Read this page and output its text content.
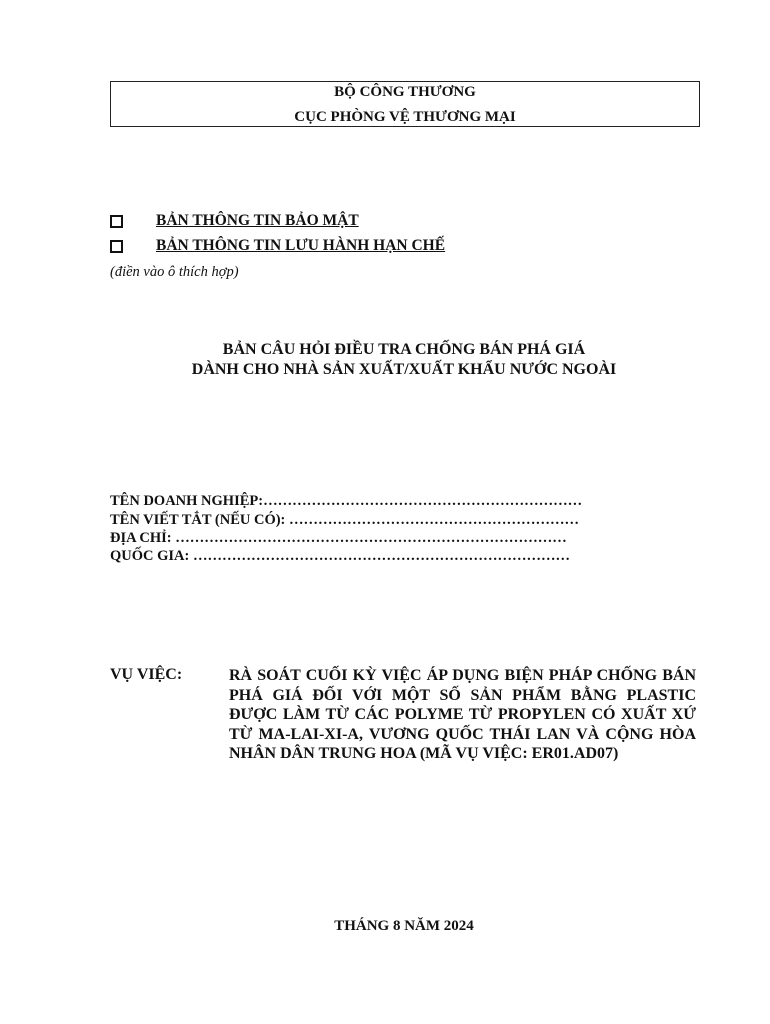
BỘ CÔNG THƯƠNG
CỤC PHÒNG VỆ THƯƠNG MẠI
BẢN THÔNG TIN BẢO MẬT
BẢN THÔNG TIN LƯU HÀNH HẠN CHẾ
(điền vào ô thích hợp)
BẢN CÂU HỎI ĐIỀU TRA CHỐNG BÁN PHÁ GIÁ
DÀNH CHO NHÀ SẢN XUẤT/XUẤT KHẨU NƯỚC NGOÀI
TÊN DOANH NGHIỆP:…………………………………………………………
TÊN VIẾT TẮT (NẾU CÓ): ……………………………………………………
ĐỊA CHỈ: ………………………………………………………………………
QUỐC GIA: ……………………………………………………………………
VỤ VIỆC:	RÀ SOÁT CUỐI KỲ VIỆC ÁP DỤNG BIỆN PHÁP CHỐNG BÁN PHÁ GIÁ ĐỐI VỚI MỘT SỐ SẢN PHẨM BẰNG PLASTIC ĐƯỢC LÀM TỪ CÁC POLYME TỪ PROPYLEN CÓ XUẤT XỨ TỪ MA-LAI-XI-A, VƯƠNG QUỐC THÁI LAN VÀ CỘNG HÒA NHÂN DÂN TRUNG HOA (MÃ VỤ VIỆC: ER01.AD07)
THÁNG 8 NĂM 2024
